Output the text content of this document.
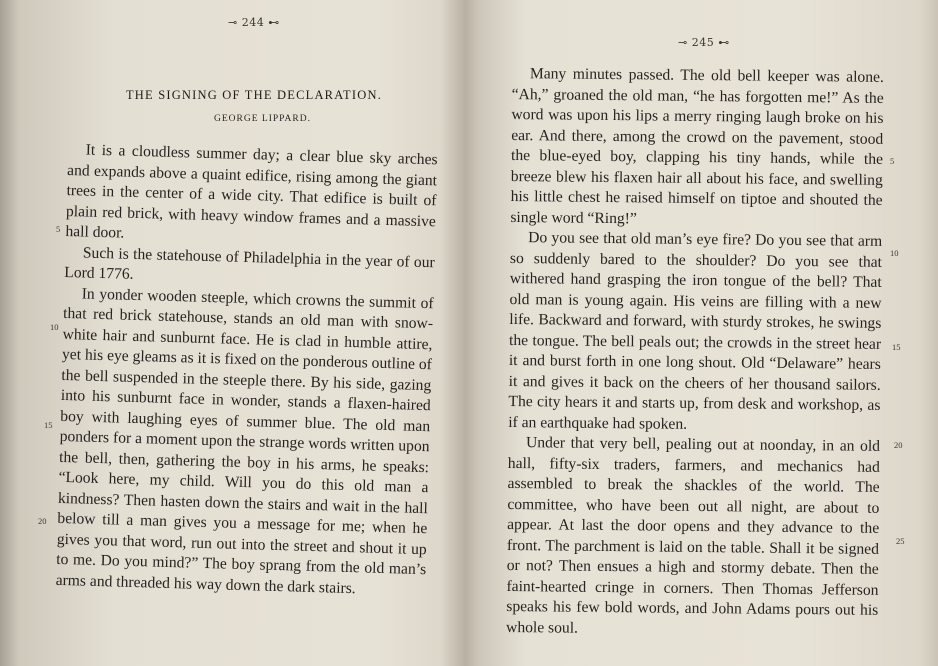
⊸ 244 ⊷
THE SIGNING OF THE DECLARATION.
GEORGE LIPPARD.

It is a cloudless summer day; a clear blue sky arches and expands above a quaint edifice, rising among the giant trees in the center of a wide city. That edifice is built of plain red brick, with heavy window frames and a massive hall door.

Such is the statehouse of Philadelphia in the year of our Lord 1776.

In yonder wooden steeple, which crowns the summit of that red brick statehouse, stands an old man with snow-white hair and sunburnt face. He is clad in humble attire, yet his eye gleams as it is fixed on the ponderous outline of the bell suspended in the steeple there. By his side, gazing into his sunburnt face in wonder, stands a flaxen-haired boy with laughing eyes of summer blue. The old man ponders for a moment upon the strange words written upon the bell, then, gathering the boy in his arms, he speaks: “Look here, my child. Will you do this old man a kindness? Then hasten down the stairs and wait in the hall below till a man gives you a message for me; when he gives you that word, run out into the street and shout it up to me. Do you mind?” The boy sprang from the old man’s arms and threaded his way down the dark stairs.

5
10
15
20
⊸ 245 ⊷

Many minutes passed. The old bell keeper was alone. “Ah,” groaned the old man, “he has forgotten me!” As the word was upon his lips a merry ringing laugh broke on his ear. And there, among the crowd on the pavement, stood the blue-eyed boy, clapping his tiny hands, while the breeze blew his flaxen hair all about his face, and swelling his little chest he raised himself on tiptoe and shouted the single word “Ring!”

Do you see that old man’s eye fire? Do you see that arm so suddenly bared to the shoulder? Do you see that withered hand grasping the iron tongue of the bell? That old man is young again. His veins are filling with a new life. Backward and forward, with sturdy strokes, he swings the tongue. The bell peals out; the crowds in the street hear it and burst forth in one long shout. Old “Delaware” hears it and gives it back on the cheers of her thousand sailors. The city hears it and starts up, from desk and workshop, as if an earthquake had spoken.

Under that very bell, pealing out at noonday, in an old hall, fifty-six traders, farmers, and mechanics had assembled to break the shackles of the world. The committee, who have been out all night, are about to appear. At last the door opens and they advance to the front. The parchment is laid on the table. Shall it be signed or not? Then ensues a high and stormy debate. Then the faint-hearted cringe in corners. Then Thomas Jefferson speaks his few bold words, and John Adams pours out his whole soul.

5
10
15
20
25
